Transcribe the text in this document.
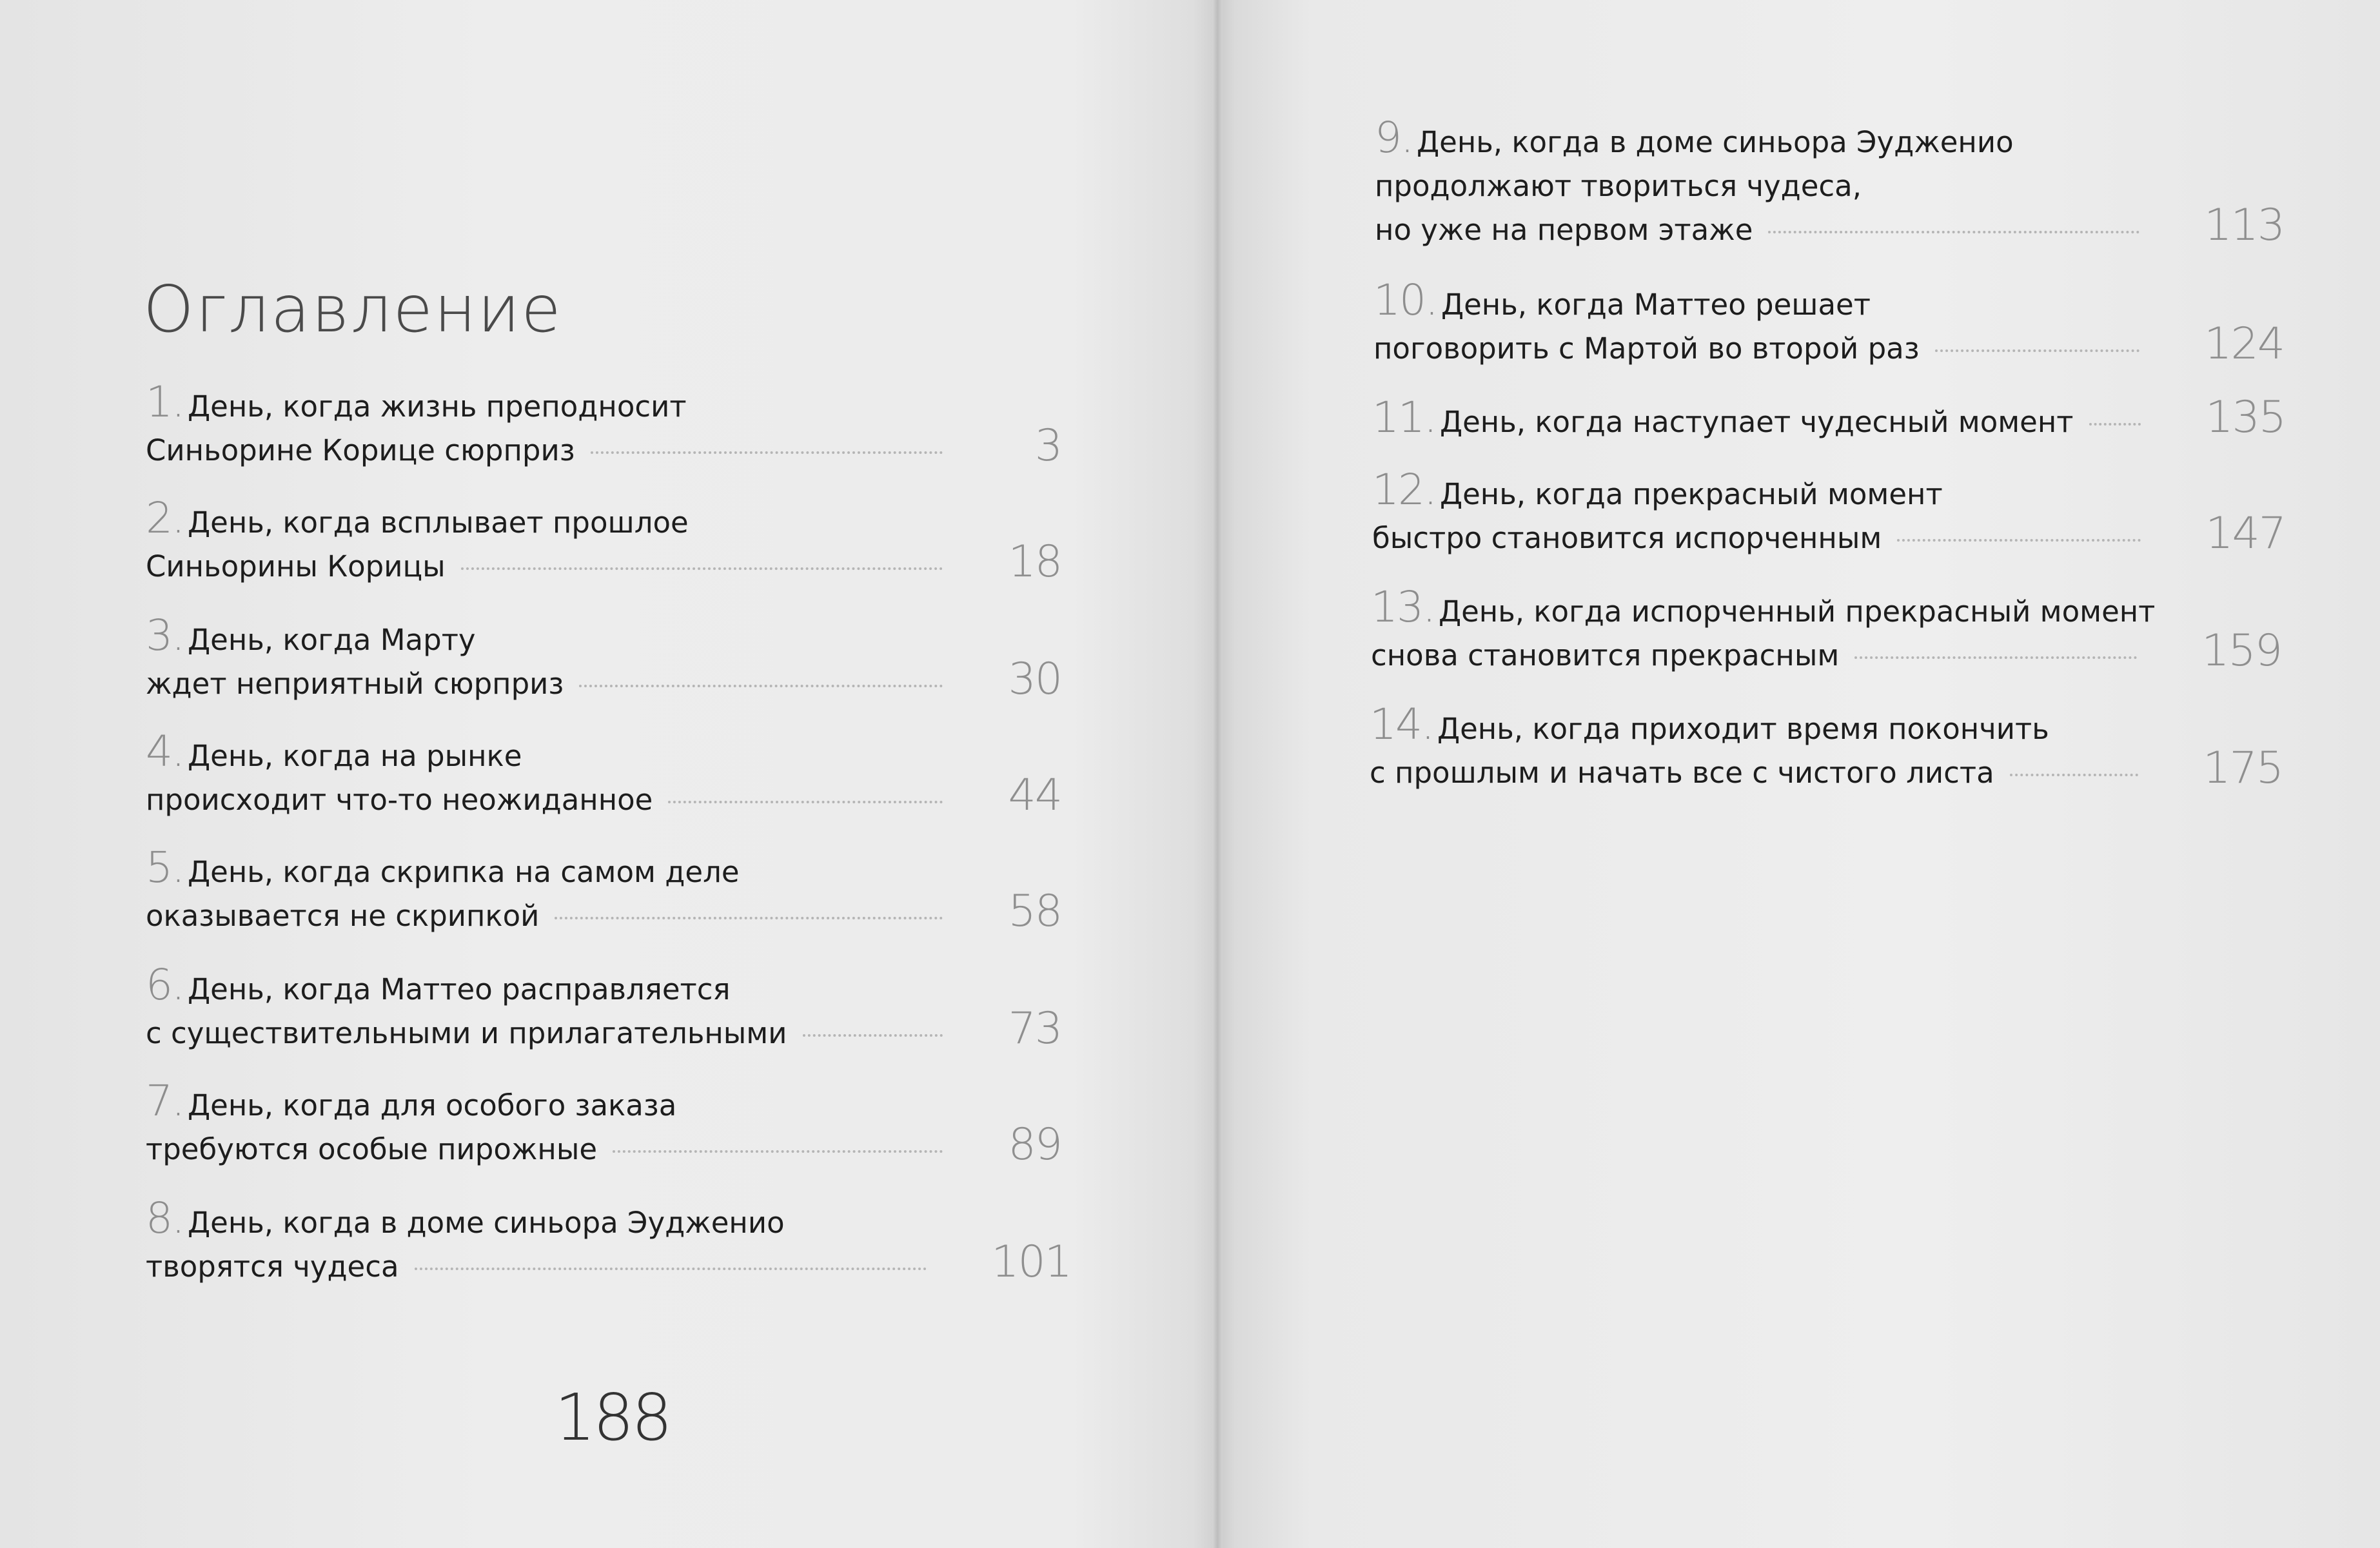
Оглавление
1. День, когда жизнь преподносит
Синьорине Корице сюрприз	3
2. День, когда всплывает прошлое
Синьорины Корицы	18
3. День, когда Марту
ждет неприятный сюрприз	30
4. День, когда на рынке
происходит что-то неожиданное	44
5. День, когда скрипка на самом деле
оказывается не скрипкой	58
6. День, когда Маттео расправляется
с существительными и прилагательными	73
7. День, когда для особого заказа
требуются особые пирожные	89
8. День, когда в доме синьора Эудженио
творятся чудеса	101
188
9. День, когда в доме синьора Эудженио
продолжают твориться чудеса,
но уже на первом этаже	113
10. День, когда Маттео решает
поговорить с Мартой во второй раз	124
11. День, когда наступает чудесный момент	135
12. День, когда прекрасный момент
быстро становится испорченным	147
13. День, когда испорченный прекрасный момент
снова становится прекрасным	159
14. День, когда приходит время покончить
с прошлым и начать все с чистого листа	175
